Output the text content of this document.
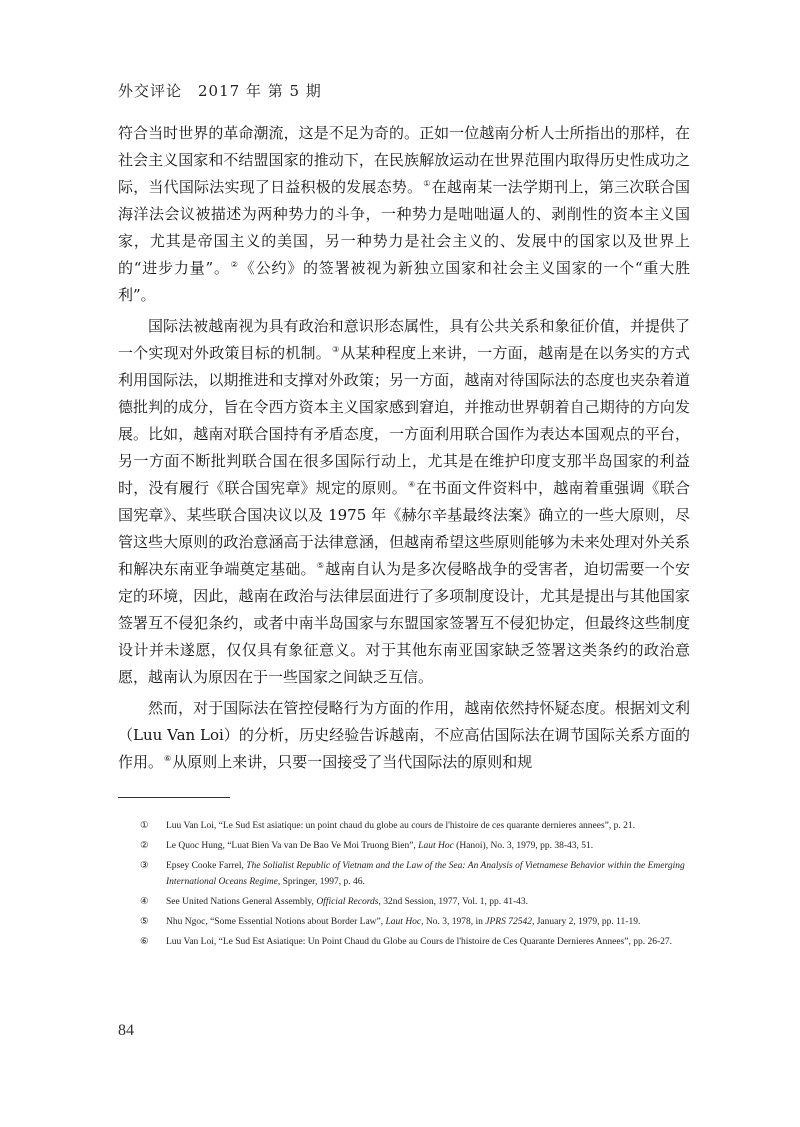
外交评论　2017 年 第 5 期

符合当时世界的革命潮流，这是不足为奇的。正如一位越南分析人士所指出的那样，在社会主义国家和不结盟国家的推动下，在民族解放运动在世界范围内取得历史性成功之际，当代国际法实现了日益积极的发展态势。①在越南某一法学期刊上，第三次联合国海洋法会议被描述为两种势力的斗争，一种势力是咄咄逼人的、剥削性的资本主义国家，尤其是帝国主义的美国，另一种势力是社会主义的、发展中的国家以及世界上的“进步力量”。②《公约》的签署被视为新独立国家和社会主义国家的一个“重大胜利”。

国际法被越南视为具有政治和意识形态属性，具有公共关系和象征价值，并提供了一个实现对外政策目标的机制。③从某种程度上来讲，一方面，越南是在以务实的方式利用国际法，以期推进和支撑对外政策；另一方面，越南对待国际法的态度也夹杂着道德批判的成分，旨在令西方资本主义国家感到窘迫，并推动世界朝着自己期待的方向发展。比如，越南对联合国持有矛盾态度，一方面利用联合国作为表达本国观点的平台，另一方面不断批判联合国在很多国际行动上，尤其是在维护印度支那半岛国家的利益时，没有履行《联合国宪章》规定的原则。④在书面文件资料中，越南着重强调《联合国宪章》、某些联合国决议以及 1975 年《赫尔辛基最终法案》确立的一些大原则，尽管这些大原则的政治意涵高于法律意涵，但越南希望这些原则能够为未来处理对外关系和解决东南亚争端奠定基础。⑤越南自认为是多次侵略战争的受害者，迫切需要一个安定的环境，因此，越南在政治与法律层面进行了多项制度设计，尤其是提出与其他国家签署互不侵犯条约，或者中南半岛国家与东盟国家签署互不侵犯协定，但最终这些制度设计并未遂愿，仅仅具有象征意义。对于其他东南亚国家缺乏签署这类条约的政治意愿，越南认为原因在于一些国家之间缺乏互信。

然而，对于国际法在管控侵略行为方面的作用，越南依然持怀疑态度。根据刘文利（Luu Van Loi）的分析，历史经验告诉越南，不应高估国际法在调节国际关系方面的作用。⑥从原则上来讲，只要一国接受了当代国际法的原则和规

①	Luu Van Loi, “Le Sud Est asiatique: un point chaud du globe au cours de l'histoire de ces quarante dernieres annees”, p. 21.
②	Le Quoc Hung, “Luat Bien Va van De Bao Ve Moi Truong Bien”, Laut Hoc (Hanoi), No. 3, 1979, pp. 38-43, 51.
③	Epsey Cooke Farrel, The Solialist Republic of Vietnam and the Law of the Sea: An Analysis of Vietnamese Behavior within the Emerging International Oceans Regime, Springer, 1997, p. 46.
④	See United Nations General Assembly, Official Records, 32nd Session, 1977, Vol. 1, pp. 41-43.
⑤	Nhu Ngoc, “Some Essential Notions about Border Law”, Laut Hoc, No. 3, 1978, in JPRS 72542, January 2, 1979, pp. 11-19.
⑥	Luu Van Loi, “Le Sud Est Asiatique: Un Point Chaud du Globe au Cours de l'histoire de Ces Quarante Dernieres Annees”, pp. 26-27.
84
